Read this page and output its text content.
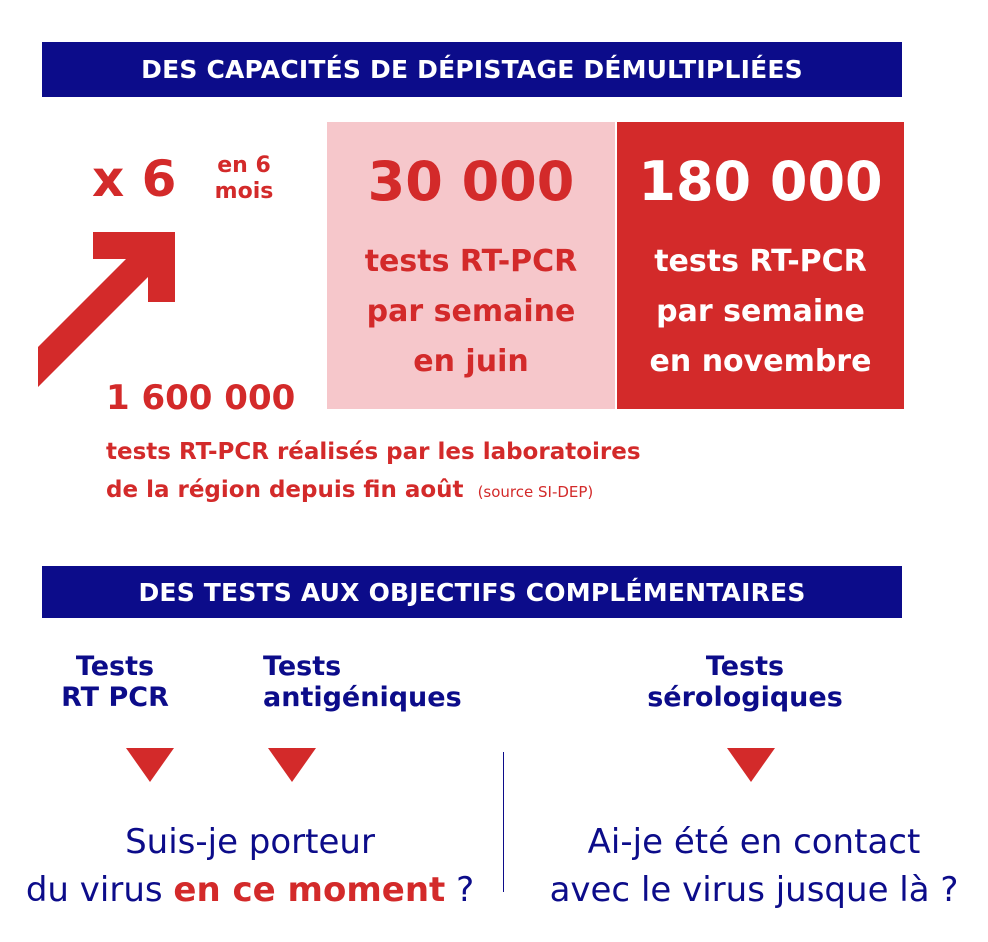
DES CAPACITÉS DE DÉPISTAGE DÉMULTIPLIÉES
x 6	en 6
mois
1 600 000
tests RT-PCR réalisés par les laboratoires
de la région depuis fin août (source SI-DEP)
30 000
tests RT-PCR
par semaine
en juin
180 000
tests RT-PCR
par semaine
en novembre
DES TESTS AUX OBJECTIFS COMPLÉMENTAIRES
Tests
RT PCR
Tests
antigéniques
Tests
sérologiques
Suis-je porteur
du virus en ce moment ?
Ai-je été en contact
avec le virus jusque là ?
